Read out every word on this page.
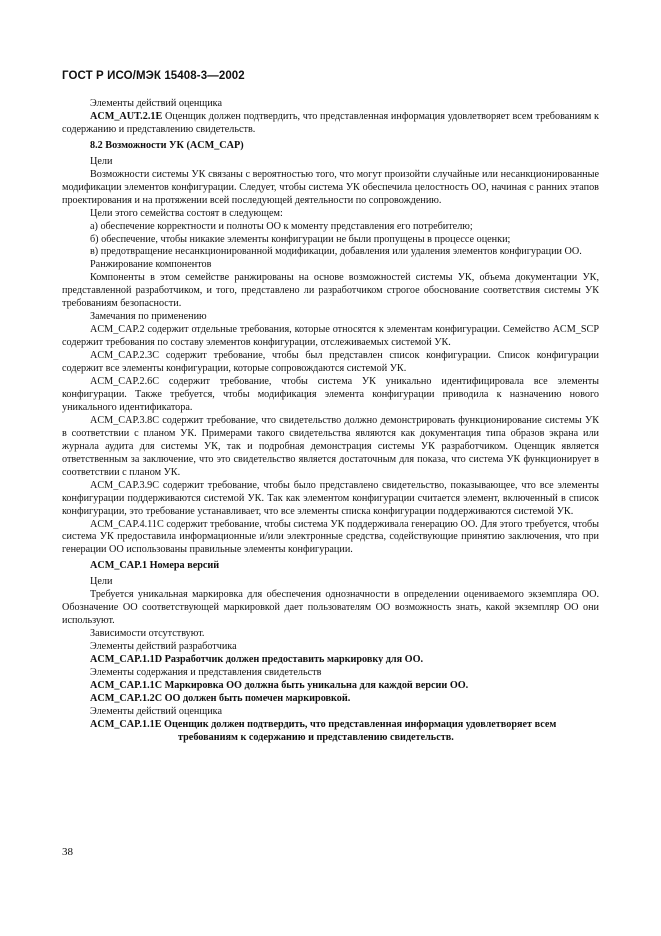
ГОСТ Р ИСО/МЭК 15408-3—2002

Элементы действий оценщика

ACM_AUT.2.1E Оценщик должен подтвердить, что представленная информация удовлетворяет всем требованиям к содержанию и представлению свидетельств.

8.2 Возможности УК (ACM_CAP)

Цели

Возможности системы УК связаны с вероятностью того, что могут произойти случайные или несанкционированные модификации элементов конфигурации. Следует, чтобы система УК обеспечила целостность ОО, начиная с ранних этапов проектирования и на протяжении всей последующей деятельности по сопровождению.

Цели этого семейства состоят в следующем:

а) обеспечение корректности и полноты ОО к моменту представления его потребителю;

б) обеспечение, чтобы никакие элементы конфигурации не были пропущены в процессе оценки;

в) предотвращение несанкционированной модификации, добавления или удаления элементов конфигурации ОО.

Ранжирование компонентов

Компоненты в этом семействе ранжированы на основе возможностей системы УК, объема документации УК, представленной разработчиком, и того, представлено ли разработчиком строгое обоснование соответствия системы УК требованиям безопасности.

Замечания по применению

ACM_CAP.2 содержит отдельные требования, которые относятся к элементам конфигурации. Семейство ACM_SCP содержит требования по составу элементов конфигурации, отслеживаемых системой УК.

ACM_CAP.2.3C содержит требование, чтобы был представлен список конфигурации. Список конфигурации содержит все элементы конфигурации, которые сопровождаются системой УК.

ACM_CAP.2.6C содержит требование, чтобы система УК уникально идентифицировала все элементы конфигурации. Также требуется, чтобы модификация элемента конфигурации приводила к назначению нового уникального идентификатора.

ACM_CAP.3.8C содержит требование, что свидетельство должно демонстрировать функционирование системы УК в соответствии с планом УК. Примерами такого свидетельства являются как документация типа образов экрана или журнала аудита для системы УК, так и подробная демонстрация системы УК разработчиком. Оценщик является ответственным за заключение, что это свидетельство является достаточным для показа, что система УК функционирует в соответствии с планом УК.

ACM_CAP.3.9C содержит требование, чтобы было представлено свидетельство, показывающее, что все элементы конфигурации поддерживаются системой УК. Так как элементом конфигурации считается элемент, включенный в список конфигурации, это требование устанавливает, что все элементы списка конфигурации поддерживаются системой УК.

ACM_CAP.4.11C содержит требование, чтобы система УК поддерживала генерацию ОО. Для этого требуется, чтобы система УК предоставила информационные и/или электронные средства, содействующие принятию заключения, что при генерации ОО использованы правильные элементы конфигурации.

ACM_CAP.1 Номера версий

Цели

Требуется уникальная маркировка для обеспечения однозначности в определении оцениваемого экземпляра ОО. Обозначение ОО соответствующей маркировкой дает пользователям ОО возможность знать, какой экземпляр ОО они используют.

Зависимости отсутствуют.

Элементы действий разработчика

ACM_CAP.1.1D Разработчик должен предоставить маркировку для ОО.

Элементы содержания и представления свидетельств

ACM_CAP.1.1C Маркировка ОО должна быть уникальна для каждой версии ОО.

ACM_CAP.1.2C ОО должен быть помечен маркировкой.

Элементы действий оценщика

ACM_CAP.1.1E Оценщик должен подтвердить, что представленная информация удовлетворяет всем требованиям к содержанию и представлению свидетельств.

38
